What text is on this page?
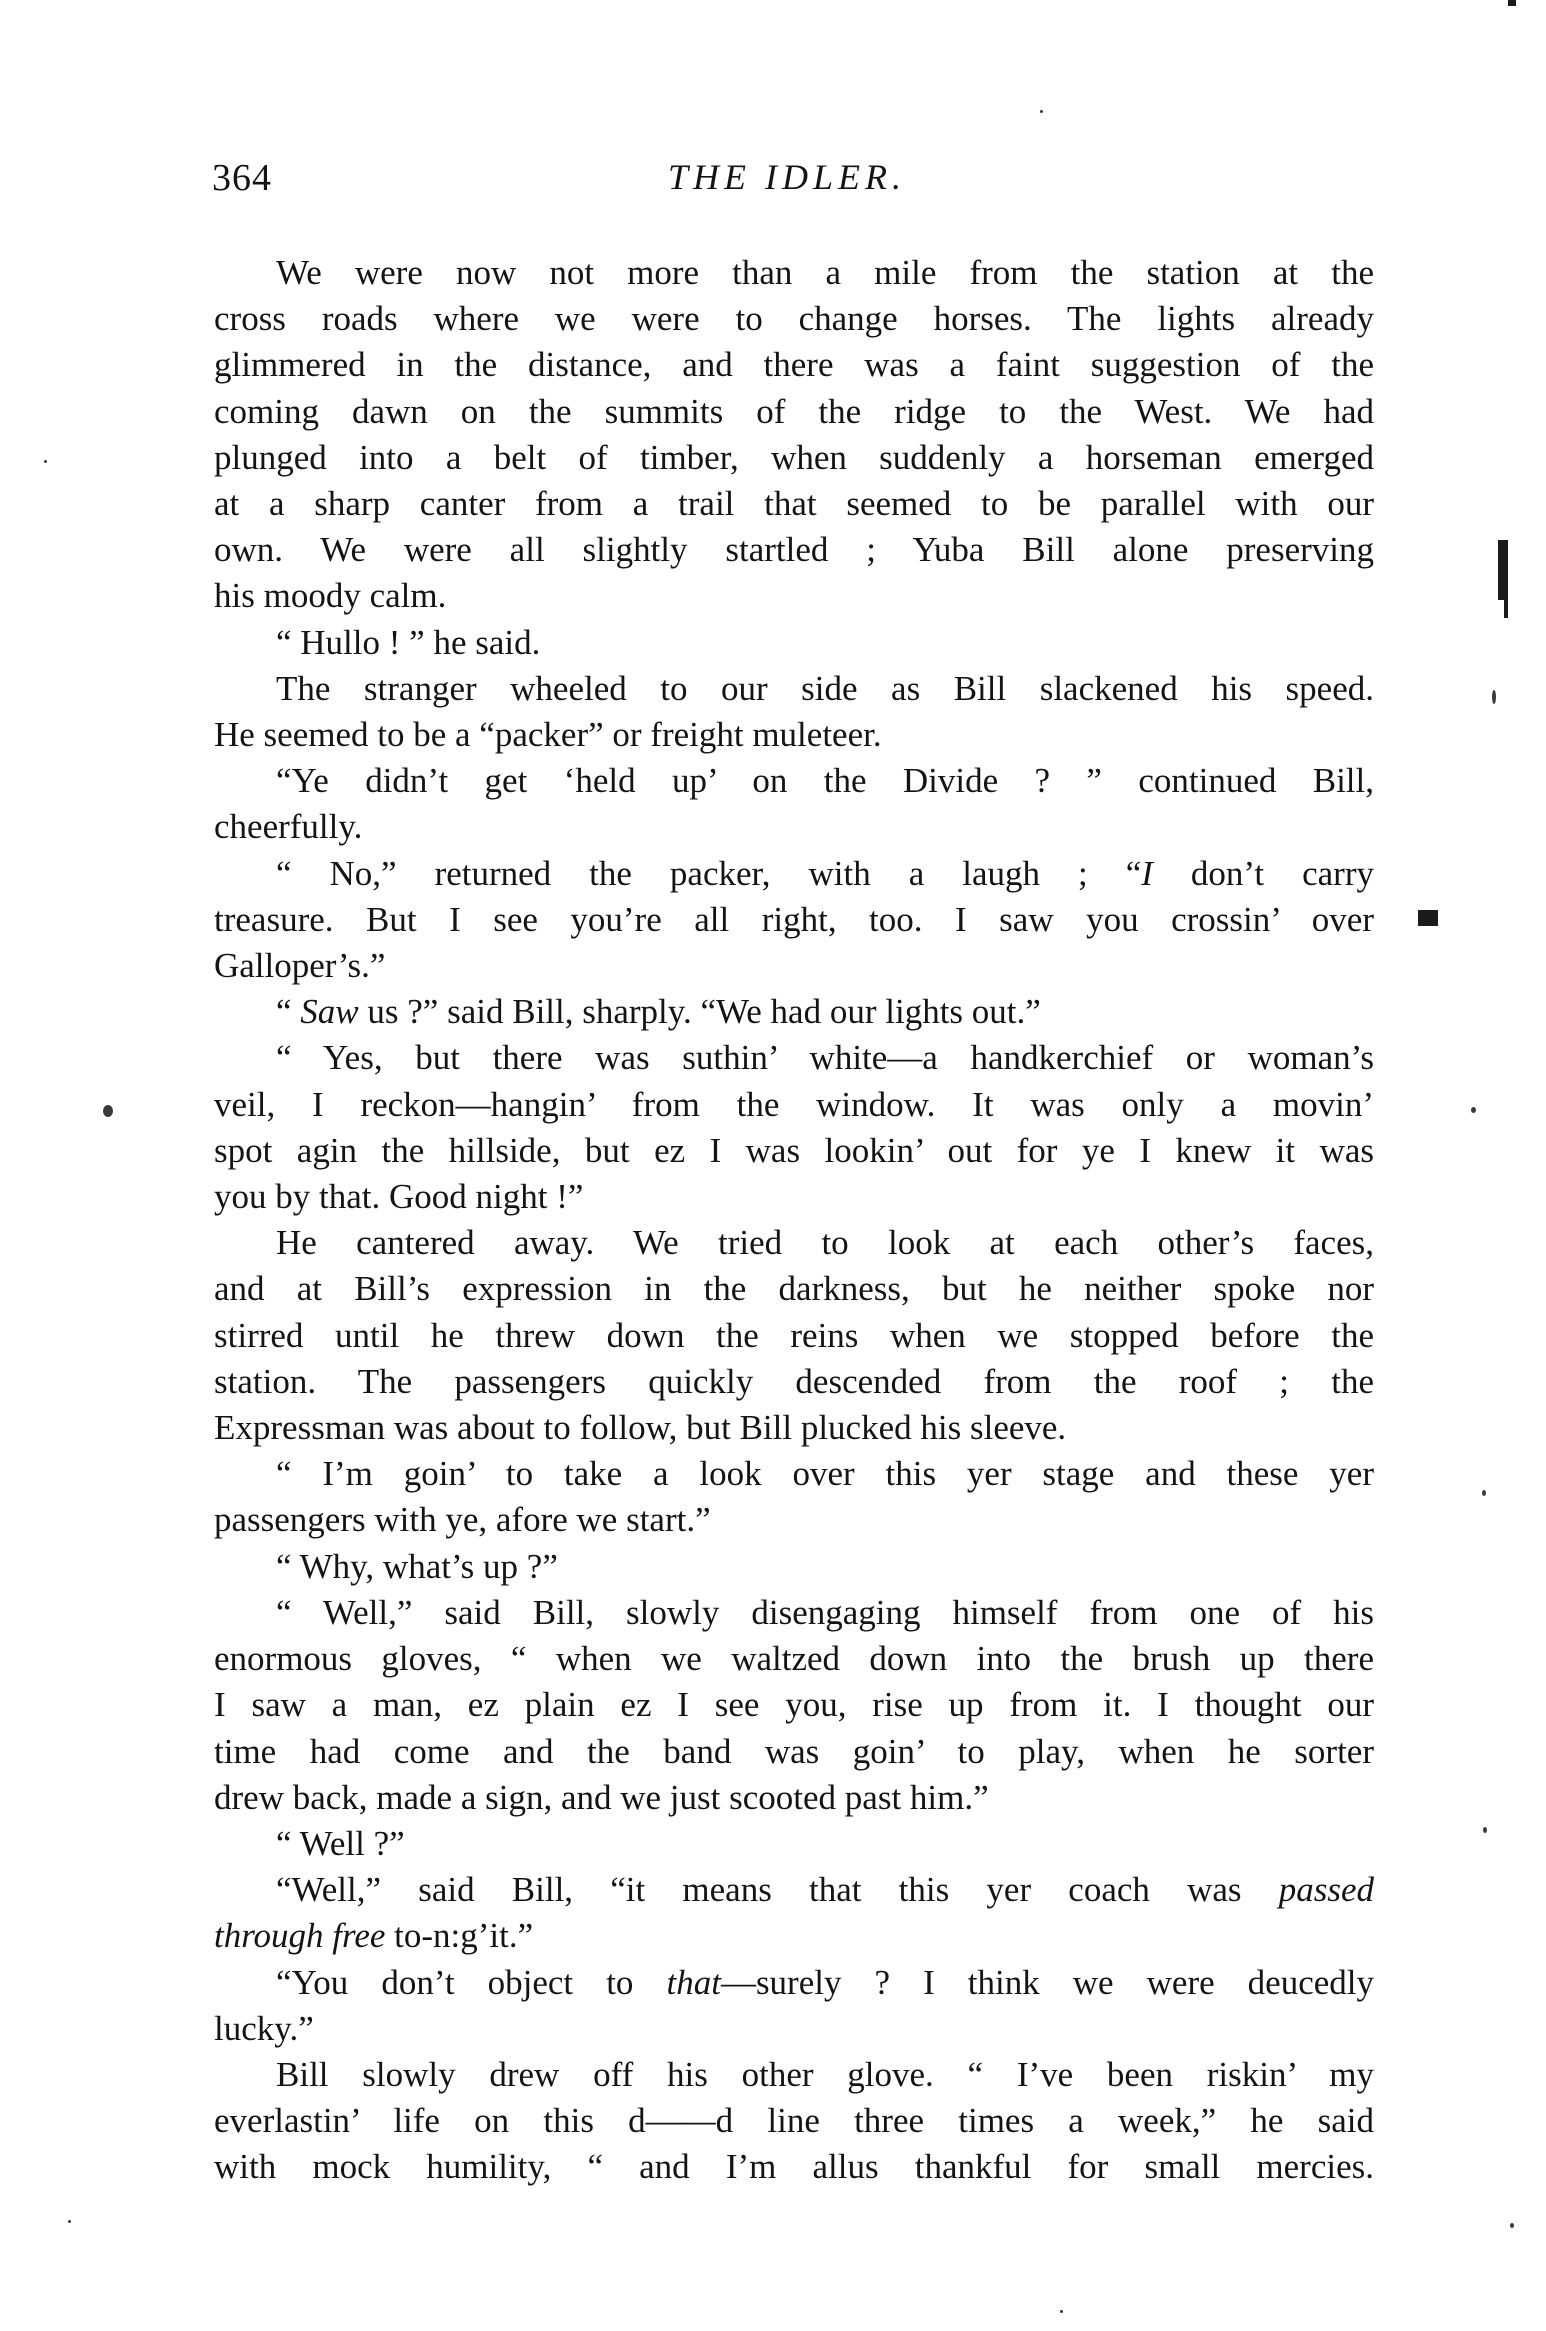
364	THE IDLER.
We were now not more than a mile from the station at the
cross roads where we were to change horses. The lights already
glimmered in the distance, and there was a faint suggestion of the
coming dawn on the summits of the ridge to the West. We had
plunged into a belt of timber, when suddenly a horseman emerged
at a sharp canter from a trail that seemed to be parallel with our
own. We were all slightly startled ; Yuba Bill alone preserving
his moody calm.
“ Hullo ! ” he said.
The stranger wheeled to our side as Bill slackened his speed.
He seemed to be a “packer” or freight muleteer.
“Ye didn’t get ‘held up’ on the Divide ? ” continued Bill,
cheerfully.
“ No,” returned the packer, with a laugh ; “I don’t carry
treasure. But I see you’re all right, too. I saw you crossin’ over
Galloper’s.”
“ Saw us ?” said Bill, sharply. “We had our lights out.”
“ Yes, but there was suthin’ white—a handkerchief or woman’s
veil, I reckon—hangin’ from the window. It was only a movin’
spot agin the hillside, but ez I was lookin’ out for ye I knew it was
you by that. Good night !”
He cantered away. We tried to look at each other’s faces,
and at Bill’s expression in the darkness, but he neither spoke nor
stirred until he threw down the reins when we stopped before the
station. The passengers quickly descended from the roof ; the
Expressman was about to follow, but Bill plucked his sleeve.
“ I’m goin’ to take a look over this yer stage and these yer
passengers with ye, afore we start.”
“ Why, what’s up ?”
“ Well,” said Bill, slowly disengaging himself from one of his
enormous gloves, “ when we waltzed down into the brush up there
I saw a man, ez plain ez I see you, rise up from it. I thought our
time had come and the band was goin’ to play, when he sorter
drew back, made a sign, and we just scooted past him.”
“ Well ?”
“Well,” said Bill, “it means that this yer coach was passed
through free to-n:g’it.”
“You don’t object to that—surely ? I think we were deucedly
lucky.”
Bill slowly drew off his other glove. “ I’ve been riskin’ my
everlastin’ life on this d——d line three times a week,” he said
with mock humility, “ and I’m allus thankful for small mercies.
